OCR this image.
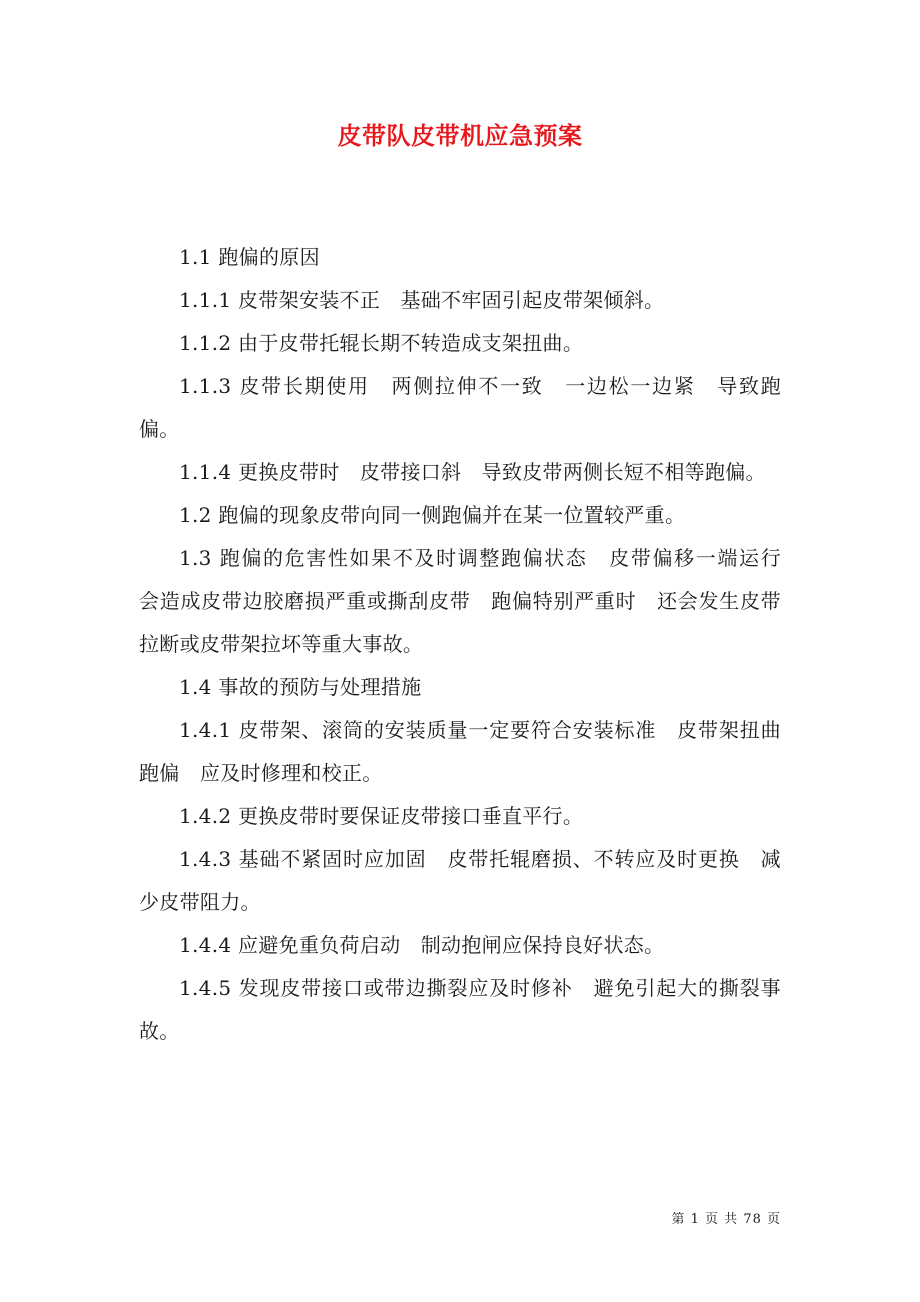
皮带队皮带机应急预案

1.1 跑偏的原因

1.1.1 皮带架安装不正　基础不牢固引起皮带架倾斜。

1.1.2 由于皮带托辊长期不转造成支架扭曲。

1.1.3 皮带长期使用　两侧拉伸不一致　一边松一边紧　导致跑偏。

1.1.4 更换皮带时　皮带接口斜　导致皮带两侧长短不相等跑偏。

1.2 跑偏的现象皮带向同一侧跑偏并在某一位置较严重。

1.3 跑偏的危害性如果不及时调整跑偏状态　皮带偏移一端运行　会造成皮带边胶磨损严重或撕刮皮带　跑偏特别严重时　还会发生皮带拉断或皮带架拉坏等重大事故。

1.4 事故的预防与处理措施

1.4.1 皮带架、滚筒的安装质量一定要符合安装标准　皮带架扭曲跑偏　应及时修理和校正。

1.4.2 更换皮带时要保证皮带接口垂直平行。

1.4.3 基础不紧固时应加固　皮带托辊磨损、不转应及时更换　减少皮带阻力。

1.4.4 应避免重负荷启动　制动抱闸应保持良好状态。

1.4.5 发现皮带接口或带边撕裂应及时修补　避免引起大的撕裂事故。

第 1 页 共 78 页
